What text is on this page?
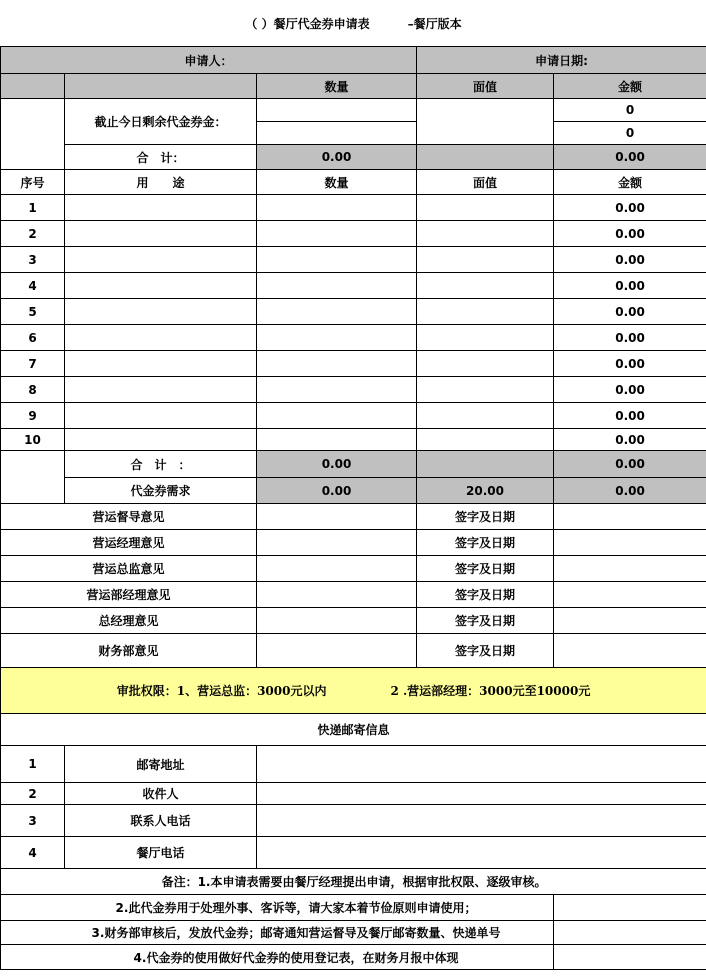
（ ）餐厅代金券申请表 –餐厅版本				
申请人：			申请日期:	
		数量	面值	金额
	截止今日剩余代金券金：			0
				0
	合　计：	0.00		0.00
序号	用　　途	数量	面值	金额
1				0.00
2				0.00
3				0.00
4				0.00
5				0.00
6				0.00
7				0.00
8				0.00
9				0.00
10				0.00
	合　计　：	0.00		0.00
	代金券需求	0.00	20.00	0.00
营运督导意见			签字及日期	
营运经理意见			签字及日期	
营运总监意见			签字及日期	
营运部经理意见			签字及日期	
总经理意见			签字及日期	
财务部意见			签字及日期	
审批权限：1、营运总监：3000元以内 2 .营运部经理：3000元至10000元				
快递邮寄信息				
1	邮寄地址			
2	收件人			
3	联系人电话			
4	餐厅电话			
备注：1.本申请表需要由餐厅经理提出申请，根据审批权限、逐级审核。				
2.此代金券用于处理外事、客诉等，请大家本着节俭原则申请使用；				
3.财务部审核后，发放代金券；邮寄通知营运督导及餐厅邮寄数量、快递单号				
4.代金券的使用做好代金券的使用登记表，在财务月报中体现				
